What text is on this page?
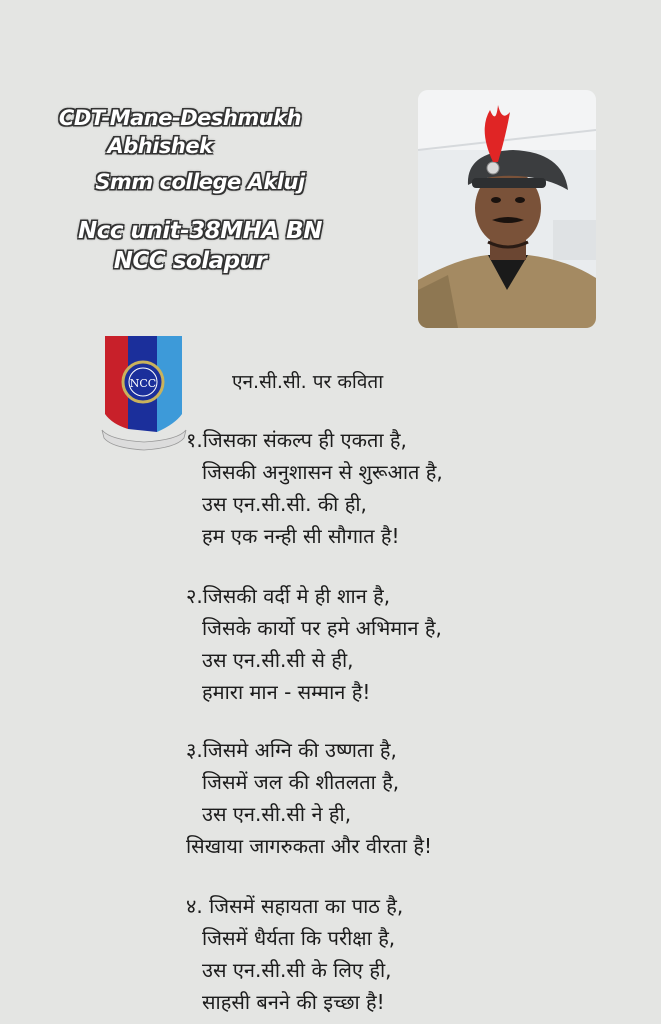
CDT-Mane-Deshmukh
Abhishek
Smm college Akluj
Ncc unit-38MHA BN
NCC solapur
NCC	एन.सी.सी. पर कविता
१.जिसका संकल्प ही एकता है,
जिसकी अनुशासन से शुरूआत है,
उस एन.सी.सी. की ही,
हम एक नन्ही सी सौगात है!
२.जिसकी वर्दी मे ही शान है,
जिसके कार्यो पर हमे अभिमान है,
उस एन.सी.सी से ही,
हमारा मान - सम्मान है!
३.जिसमे अग्नि की उष्णता है,
जिसमें जल की शीतलता है,
उस एन.सी.सी ने ही,
सिखाया जागरुकता और वीरता है!
४. जिसमें सहायता का पाठ है,
जिसमें धैर्यता कि परीक्षा है,
उस एन.सी.सी के लिए ही,
साहसी बनने की इच्छा है!
